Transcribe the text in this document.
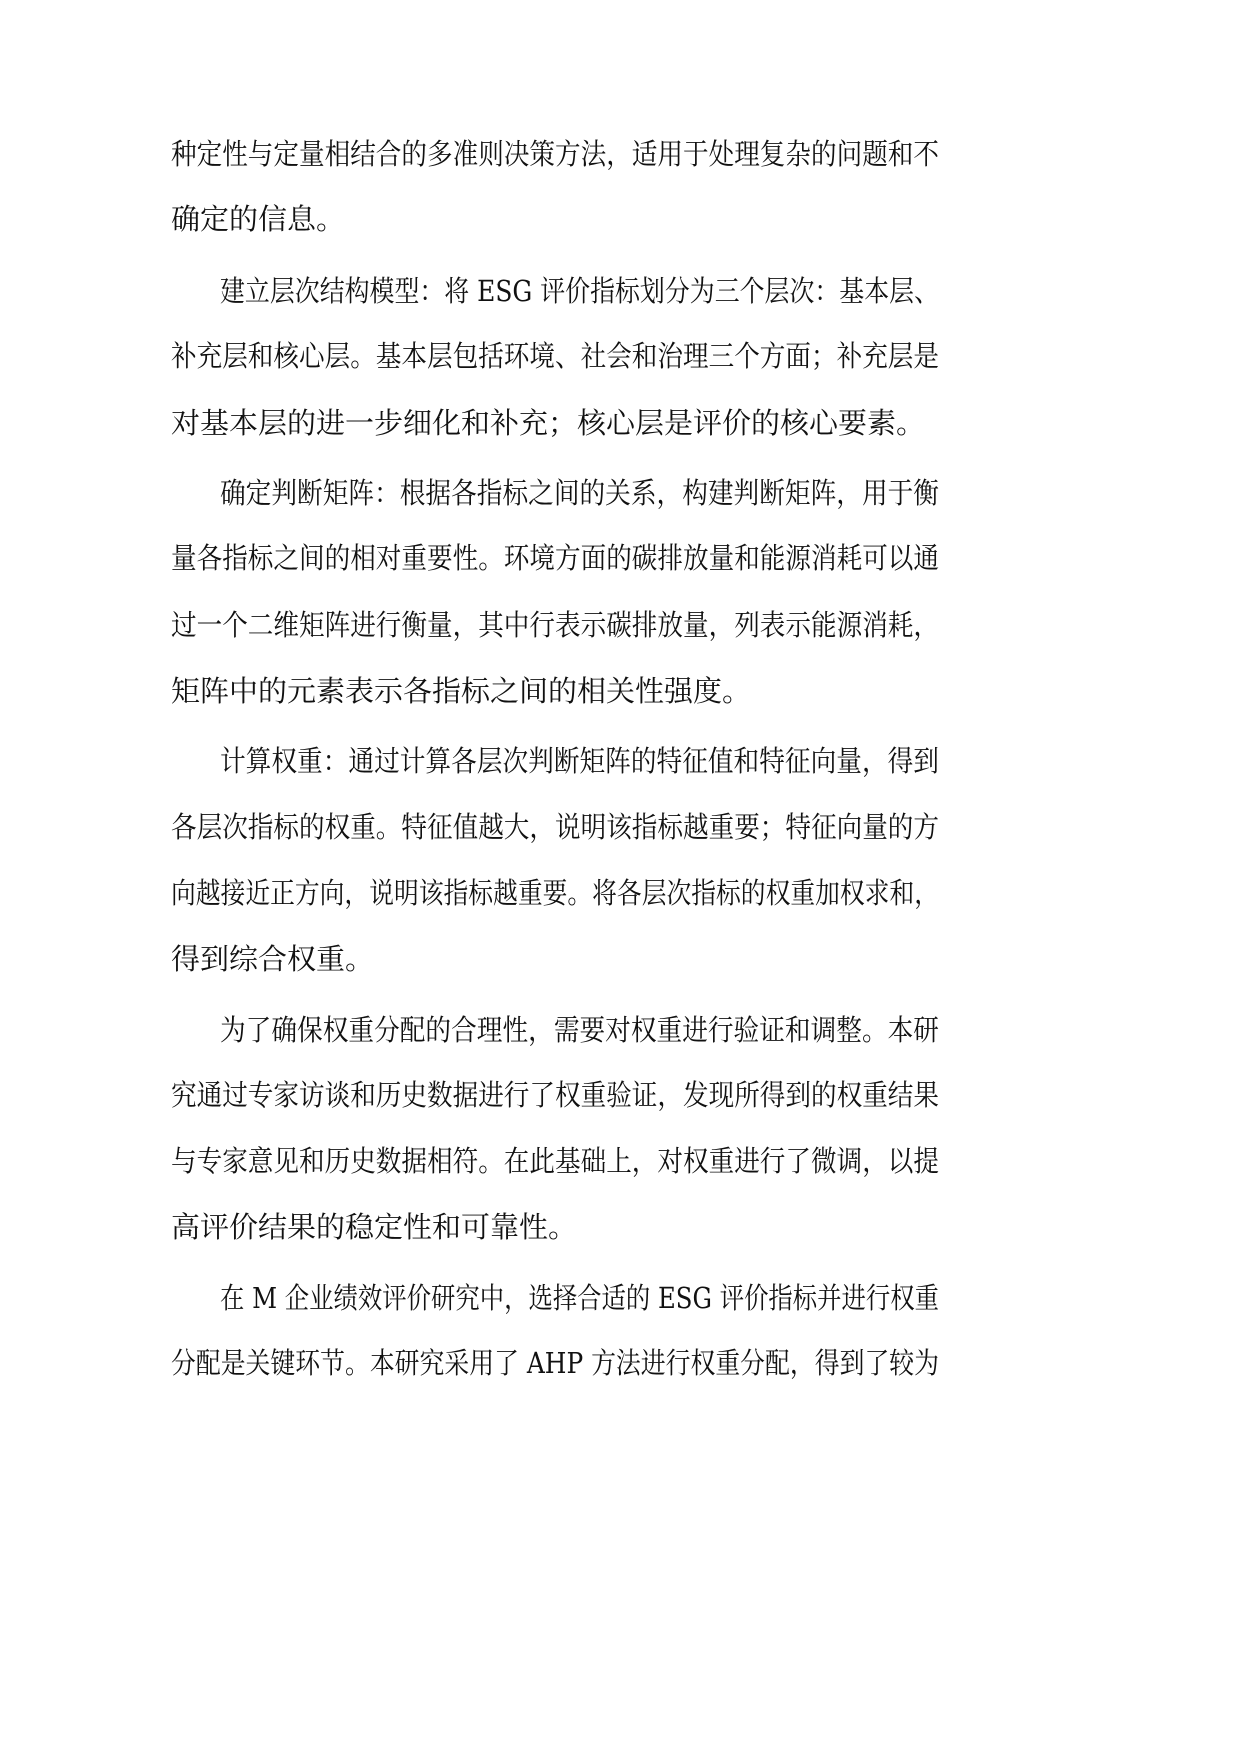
种定性与定量相结合的多准则决策方法，适用于处理复杂的问题和不
确定的信息。
建立层次结构模型：将 ESG 评价指标划分为三个层次：基本层、
补充层和核心层。基本层包括环境、社会和治理三个方面；补充层是
对基本层的进一步细化和补充；核心层是评价的核心要素。
确定判断矩阵：根据各指标之间的关系，构建判断矩阵，用于衡
量各指标之间的相对重要性。环境方面的碳排放量和能源消耗可以通
过一个二维矩阵进行衡量，其中行表示碳排放量，列表示能源消耗，
矩阵中的元素表示各指标之间的相关性强度。
计算权重：通过计算各层次判断矩阵的特征值和特征向量，得到
各层次指标的权重。特征值越大，说明该指标越重要；特征向量的方
向越接近正方向，说明该指标越重要。将各层次指标的权重加权求和，
得到综合权重。
为了确保权重分配的合理性，需要对权重进行验证和调整。本研
究通过专家访谈和历史数据进行了权重验证，发现所得到的权重结果
与专家意见和历史数据相符。在此基础上，对权重进行了微调，以提
高评价结果的稳定性和可靠性。
在 M 企业绩效评价研究中，选择合适的 ESG 评价指标并进行权重
分配是关键环节。本研究采用了 AHP 方法进行权重分配，得到了较为
